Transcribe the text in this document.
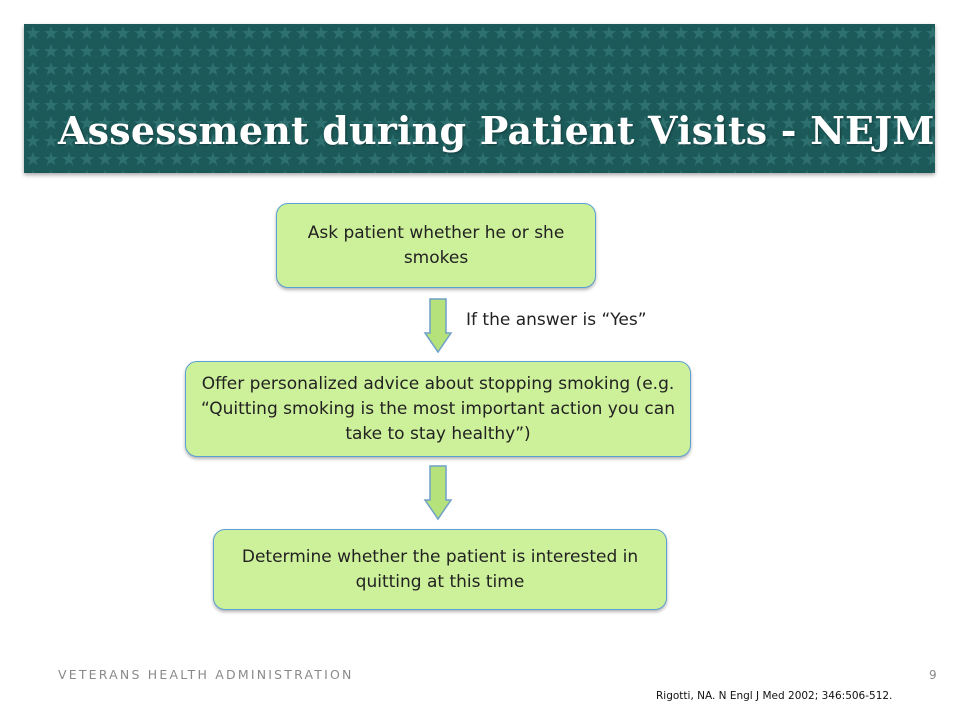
Assessment during Patient Visits - NEJM
Ask patient whether he or she smokes
If the answer is “Yes”
Offer personalized advice about stopping smoking (e.g. “Quitting smoking is the most important action you can take to stay healthy”)
Determine whether the patient is interested in quitting at this time
VETERANS HEALTH ADMINISTRATION	9
Rigotti, NA. N Engl J Med 2002; 346:506-512.
